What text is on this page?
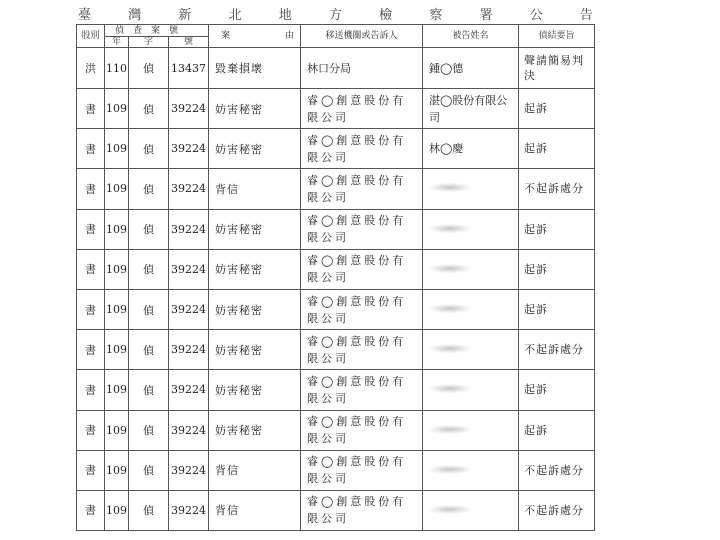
臺	灣	新	北	地	方	檢	察	署	公	告
股別	偵　查　案　號			案 由	移送機關或告訴人	被告姓名	偵結要旨
	年	字	號				
洪	110	偵	13437	毀棄損壞	林口分局	鍾◯德	聲請簡易判決
書	109	偵	39224	妨害秘密	睿◯創意股份有限公司	湛◯股份有限公司	起訴
書	109	偵	39224	妨害秘密	睿◯創意股份有限公司	林◯慶	起訴
書	109	偵	39224	背信	睿◯創意股份有限公司		不起訴處分
書	109	偵	39224	妨害秘密	睿◯創意股份有限公司		起訴
書	109	偵	39224	妨害秘密	睿◯創意股份有限公司		起訴
書	109	偵	39224	妨害秘密	睿◯創意股份有限公司		起訴
書	109	偵	39224	妨害秘密	睿◯創意股份有限公司		不起訴處分
書	109	偵	39224	妨害秘密	睿◯創意股份有限公司		起訴
書	109	偵	39224	妨害秘密	睿◯創意股份有限公司		起訴
書	109	偵	39224	背信	睿◯創意股份有限公司		不起訴處分
書	109	偵	39224	背信	睿◯創意股份有限公司		不起訴處分
